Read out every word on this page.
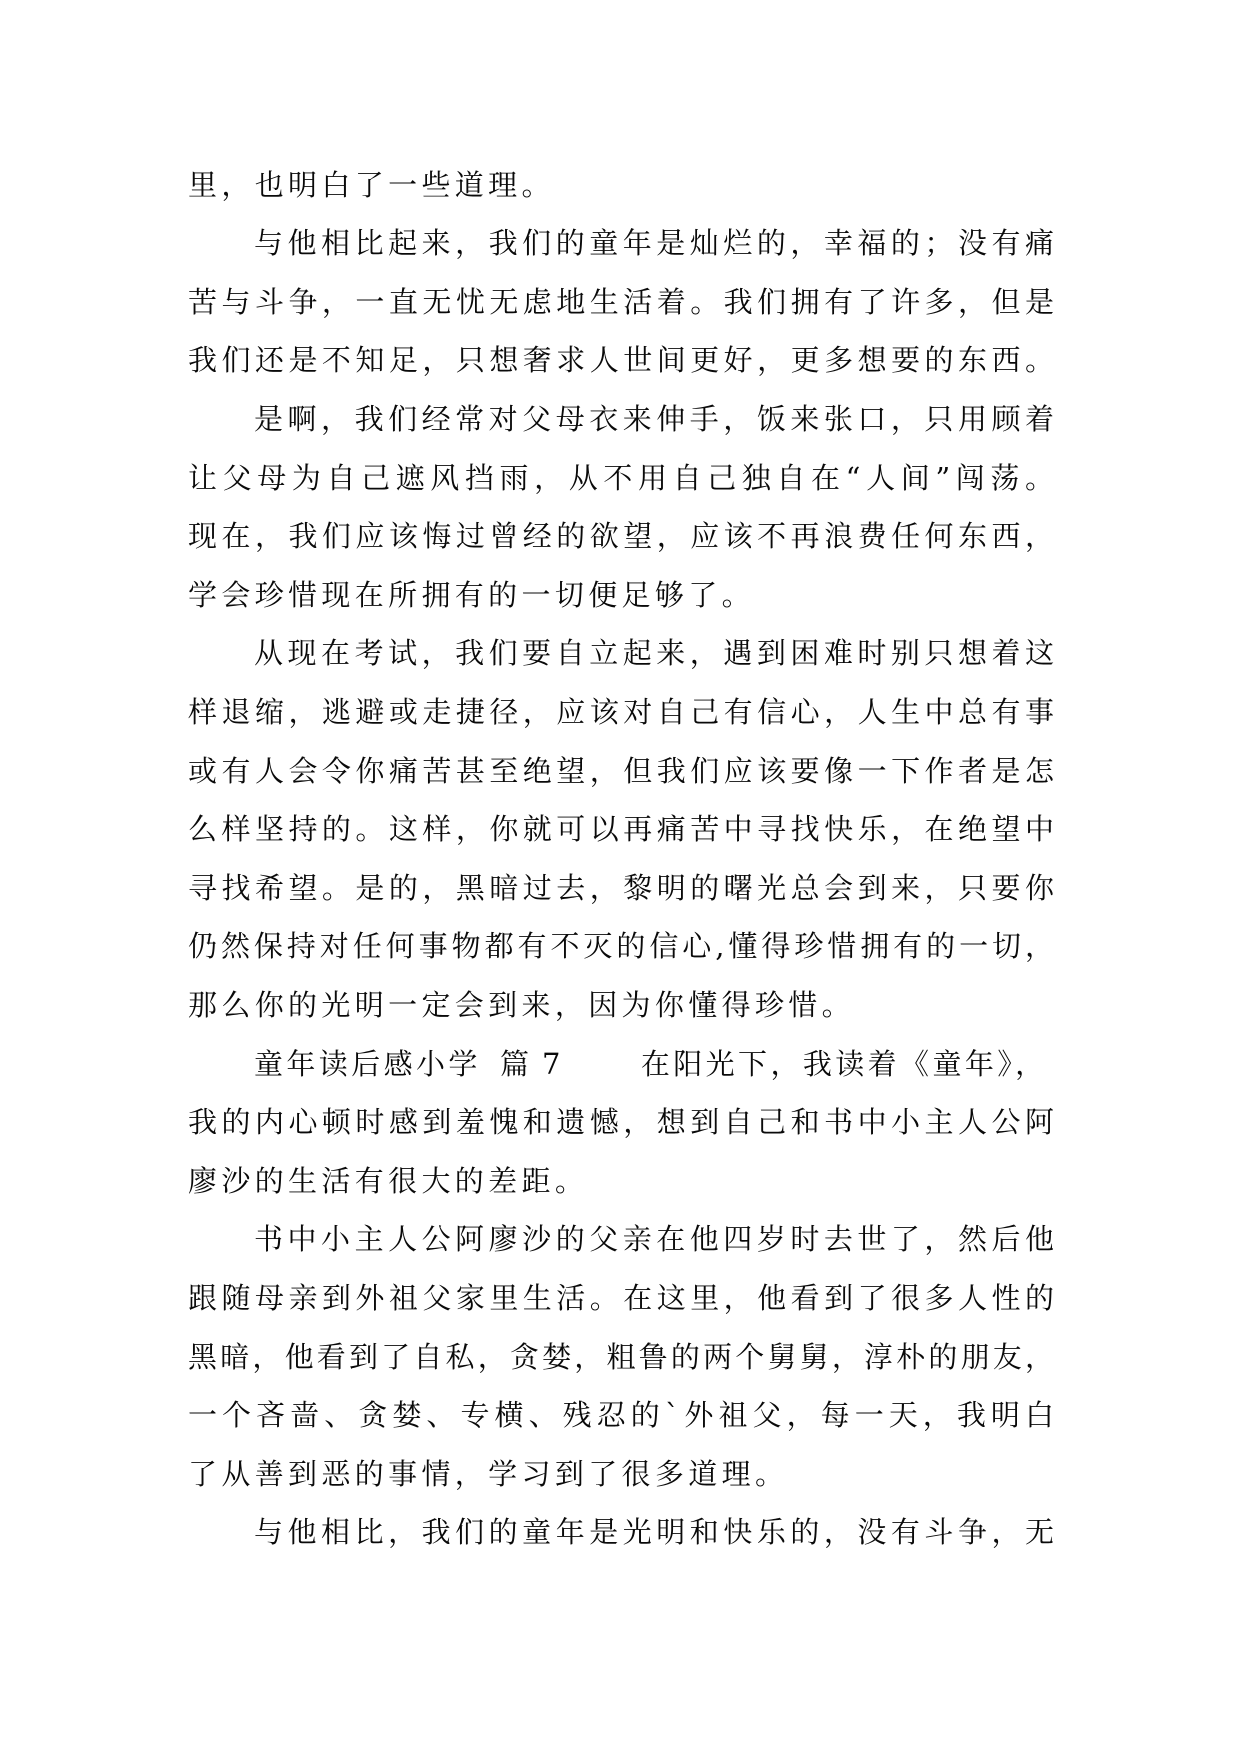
里，也明白了一些道理。
与他相比起来，我们的童年是灿烂的，幸福的；没有痛
苦与斗争，一直无忧无虑地生活着。我们拥有了许多，但是
我们还是不知足，只想奢求人世间更好，更多想要的东西。
是啊，我们经常对父母衣来伸手，饭来张口，只用顾着
让父母为自己遮风挡雨，从不用自己独自在“人间”闯荡。
现在，我们应该悔过曾经的欲望，应该不再浪费任何东西，
学会珍惜现在所拥有的一切便足够了。
从现在考试，我们要自立起来，遇到困难时别只想着这
样退缩，逃避或走捷径，应该对自己有信心，人生中总有事
或有人会令你痛苦甚至绝望，但我们应该要像一下作者是怎
么样坚持的。这样，你就可以再痛苦中寻找快乐，在绝望中
寻找希望。是的，黑暗过去，黎明的曙光总会到来，只要你
仍然保持对任何事物都有不灭的信心,懂得珍惜拥有的一切，
那么你的光明一定会到来，因为你懂得珍惜。
童年读后感小学  篇 7        在阳光下，我读着《童年》，
我的内心顿时感到羞愧和遗憾，想到自己和书中小主人公阿
廖沙的生活有很大的差距。
书中小主人公阿廖沙的父亲在他四岁时去世了，然后他
跟随母亲到外祖父家里生活。在这里，他看到了很多人性的
黑暗，他看到了自私，贪婪，粗鲁的两个舅舅，淳朴的朋友，
一个吝啬、贪婪、专横、残忍的`外祖父，每一天，我明白
了从善到恶的事情，学习到了很多道理。
与他相比，我们的童年是光明和快乐的，没有斗争，无
